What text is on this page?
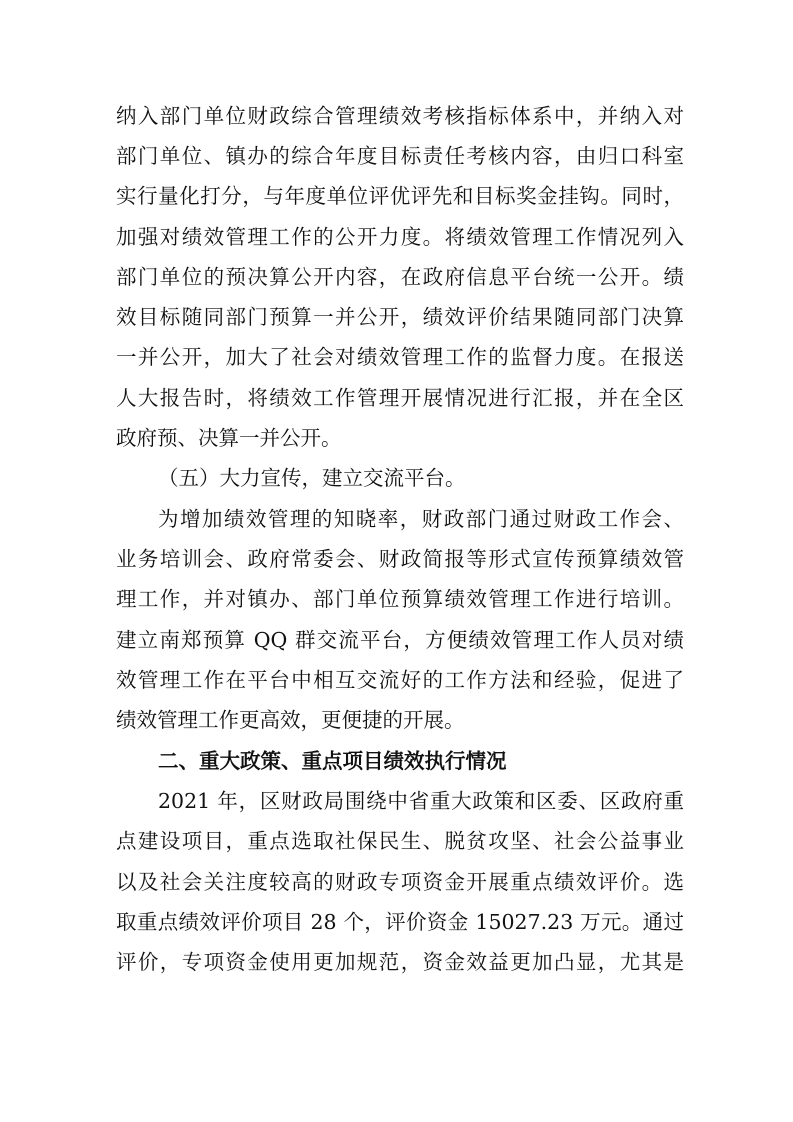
纳入部门单位财政综合管理绩效考核指标体系中，并纳入对
部门单位、镇办的综合年度目标责任考核内容，由归口科室
实行量化打分，与年度单位评优评先和目标奖金挂钩。同时，
加强对绩效管理工作的公开力度。将绩效管理工作情况列入
部门单位的预决算公开内容，在政府信息平台统一公开。绩
效目标随同部门预算一并公开，绩效评价结果随同部门决算
一并公开，加大了社会对绩效管理工作的监督力度。在报送
人大报告时，将绩效工作管理开展情况进行汇报，并在全区
政府预、决算一并公开。
（五）大力宣传，建立交流平台。
为增加绩效管理的知晓率，财政部门通过财政工作会、
业务培训会、政府常委会、财政简报等形式宣传预算绩效管
理工作，并对镇办、部门单位预算绩效管理工作进行培训。
建立南郑预算 QQ 群交流平台，方便绩效管理工作人员对绩
效管理工作在平台中相互交流好的工作方法和经验，促进了
绩效管理工作更高效，更便捷的开展。
二、重大政策、重点项目绩效执行情况
2021 年，区财政局围绕中省重大政策和区委、区政府重
点建设项目，重点选取社保民生、脱贫攻坚、社会公益事业
以及社会关注度较高的财政专项资金开展重点绩效评价。选
取重点绩效评价项目 28 个，评价资金 15027.23 万元。通过
评价，专项资金使用更加规范，资金效益更加凸显，尤其是
